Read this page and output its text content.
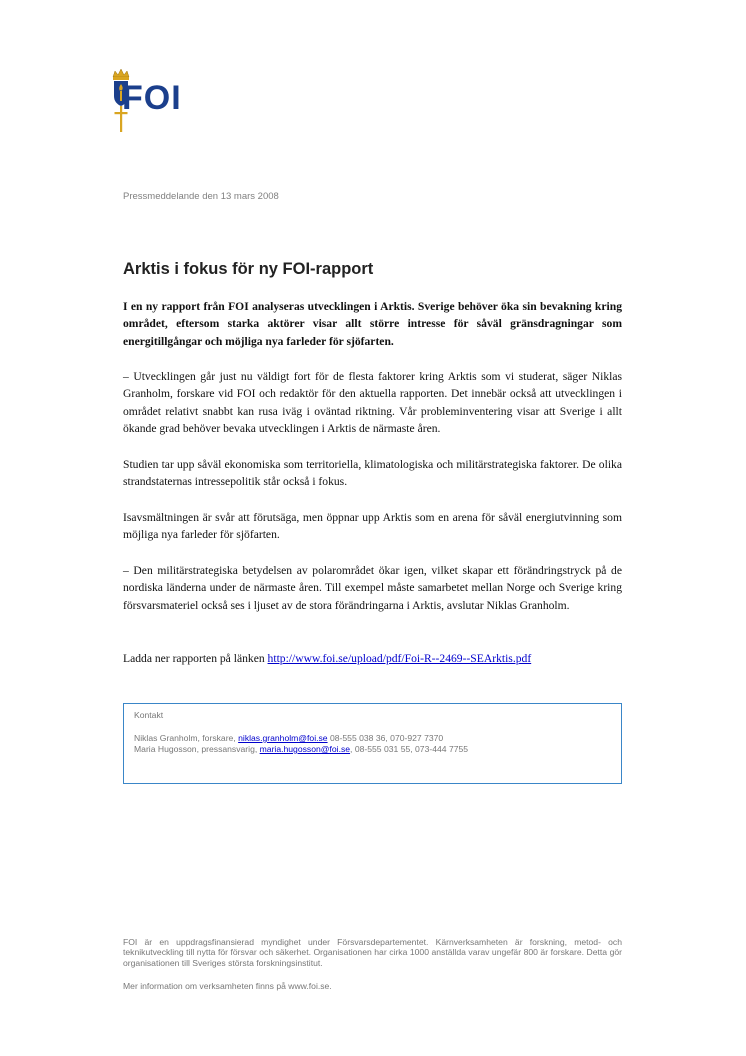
FOI
Pressmeddelande den 13 mars 2008
Arktis i fokus för ny FOI-rapport

I en ny rapport från FOI analyseras utvecklingen i Arktis. Sverige behöver öka sin bevakning kring området, eftersom starka aktörer visar allt större intresse för såväl gränsdragningar som energitillgångar och möjliga nya farleder för sjöfarten.

– Utvecklingen går just nu väldigt fort för de flesta faktorer kring Arktis som vi studerat, säger Niklas Granholm, forskare vid FOI och redaktör för den aktuella rapporten. Det innebär också att utvecklingen i området relativt snabbt kan rusa iväg i oväntad riktning. Vår probleminventering visar att Sverige i allt ökande grad behöver bevaka utvecklingen i Arktis de närmaste åren.

Studien tar upp såväl ekonomiska som territoriella, klimatologiska och militärstrategiska faktorer. De olika strandstaternas intressepolitik står också i fokus.

Isavsmältningen är svår att förutsäga, men öppnar upp Arktis som en arena för såväl energiutvinning som möjliga nya farleder för sjöfarten.

– Den militärstrategiska betydelsen av polarområdet ökar igen, vilket skapar ett förändringstryck på de nordiska länderna under de närmaste åren. Till exempel måste samarbetet mellan Norge och Sverige kring försvarsmateriel också ses i ljuset av de stora förändringarna i Arktis, avslutar Niklas Granholm.

Ladda ner rapporten på länken http://www.foi.se/upload/pdf/Foi-R--2469--SEArktis.pdf

Kontakt
Niklas Granholm, forskare, niklas.granholm@foi.se 08-555 038 36, 070-927 7370
Maria Hugosson, pressansvarig, maria.hugosson@foi.se, 08-555 031 55, 073-444 7755

FOI är en uppdragsfinansierad myndighet under Försvarsdepartementet. Kärnverksamheten är forskning, metod- och teknikutveckling till nytta för försvar och säkerhet. Organisationen har cirka 1000 anställda varav ungefär 800 är forskare. Detta gör organisationen till Sveriges största forskningsinstitut.

Mer information om verksamheten finns på www.foi.se.
